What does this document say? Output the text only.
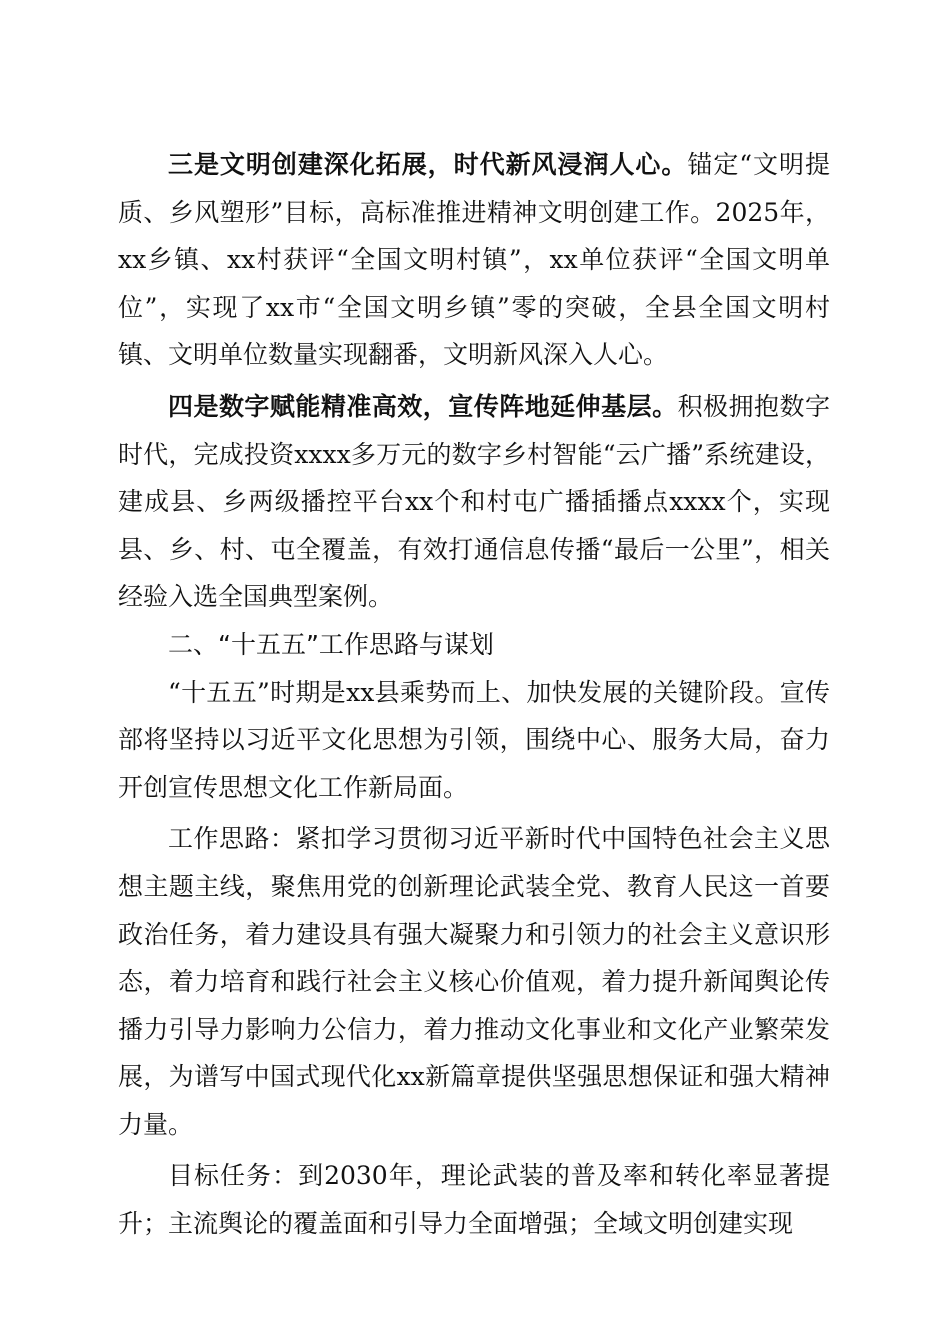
三是文明创建深化拓展，时代新风浸润人心。锚定“文明提质、乡风塑形”目标，高标准推进精神文明创建工作。2025年，xx乡镇、xx村获评“全国文明村镇”，xx单位获评“全国文明单位”，实现了xx市“全国文明乡镇”零的突破，全县全国文明村镇、文明单位数量实现翻番，文明新风深入人心。

四是数字赋能精准高效，宣传阵地延伸基层。积极拥抱数字时代，完成投资xxxx多万元的数字乡村智能“云广播”系统建设，建成县、乡两级播控平台xx个和村屯广播插播点xxxx个，实现县、乡、村、屯全覆盖，有效打通信息传播“最后一公里”，相关经验入选全国典型案例。

二、“十五五”工作思路与谋划

“十五五”时期是xx县乘势而上、加快发展的关键阶段。宣传部将坚持以习近平文化思想为引领，围绕中心、服务大局，奋力开创宣传思想文化工作新局面。

工作思路：紧扣学习贯彻习近平新时代中国特色社会主义思想主题主线，聚焦用党的创新理论武装全党、教育人民这一首要政治任务，着力建设具有强大凝聚力和引领力的社会主义意识形态，着力培育和践行社会主义核心价值观，着力提升新闻舆论传播力引导力影响力公信力，着力推动文化事业和文化产业繁荣发展，为谱写中国式现代化xx新篇章提供坚强思想保证和强大精神力量。

目标任务：到2030年，理论武装的普及率和转化率显著提升；主流舆论的覆盖面和引导力全面增强；全域文明创建实现
